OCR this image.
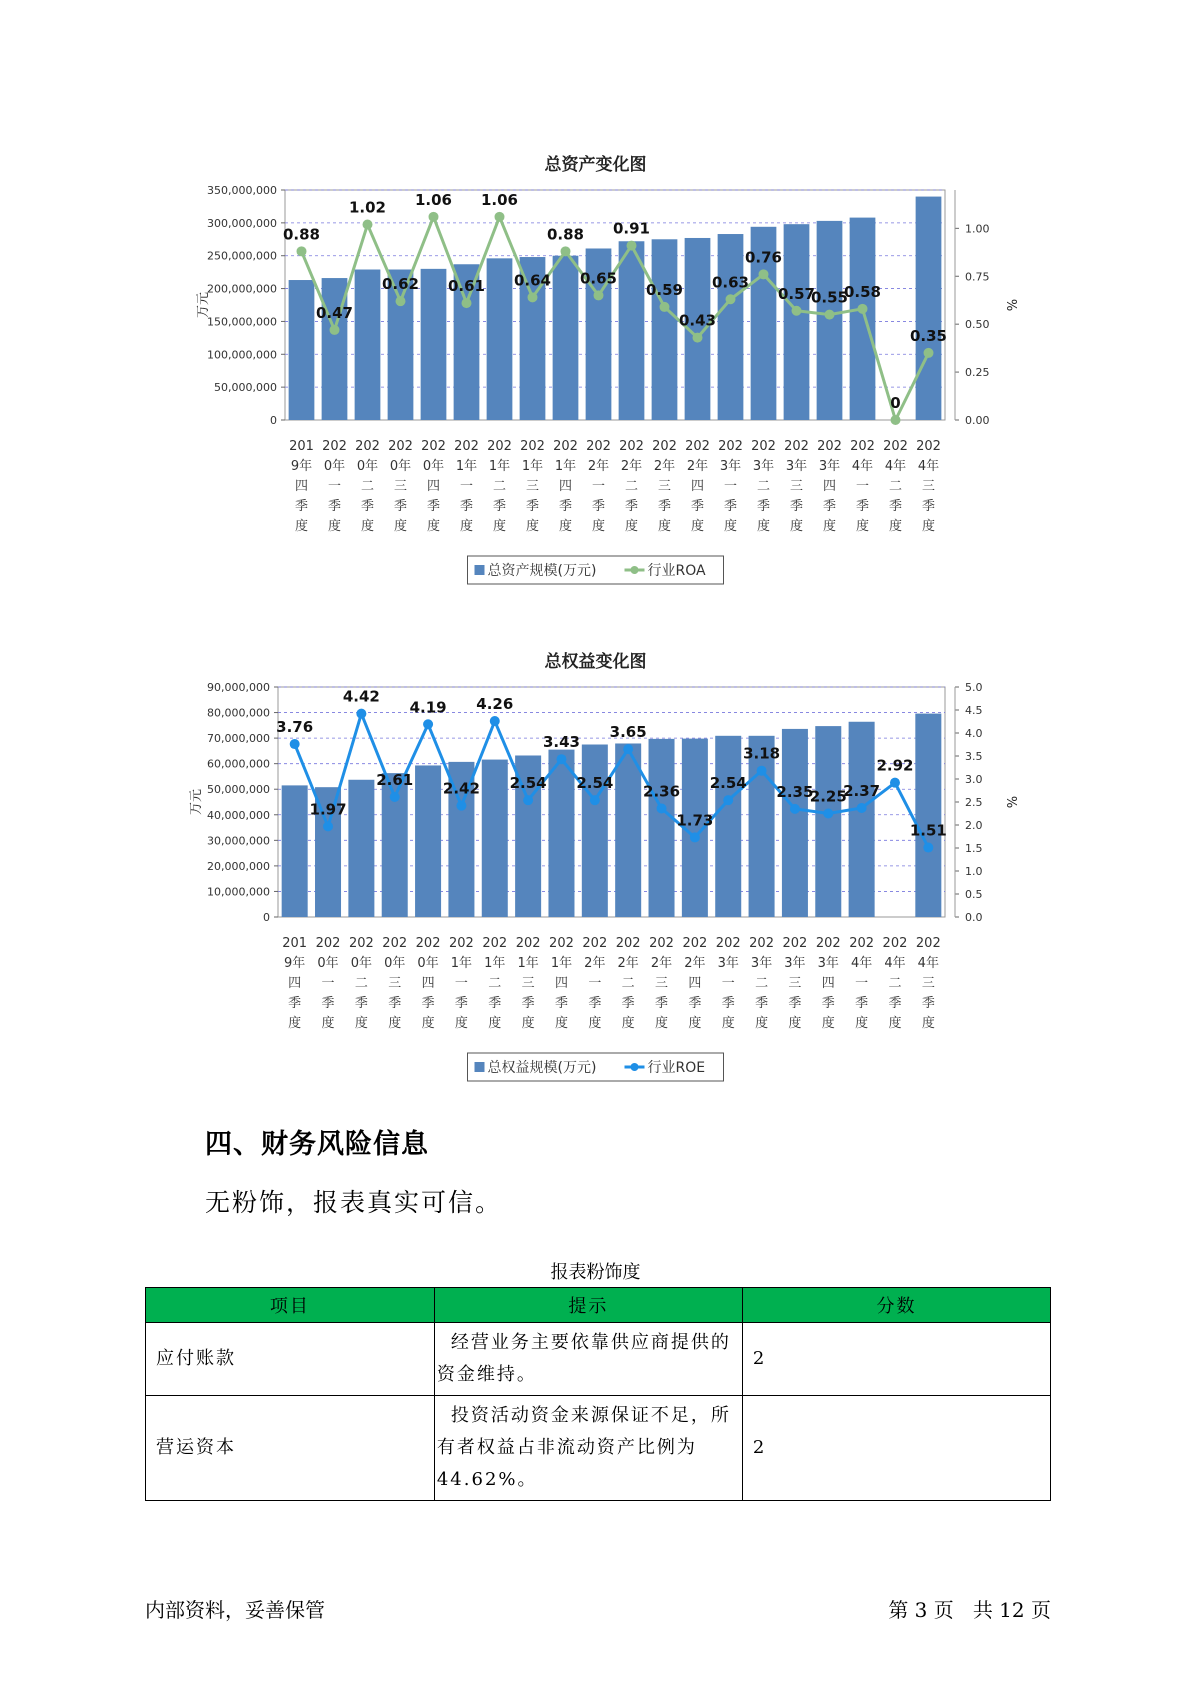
总资产变化图
0
50,000,000
100,000,000
150,000,000
200,000,000
250,000,000
300,000,000
350,000,000
0.00
0.25
0.50
0.75
1.00
万元	%
0.88
0.47
1.02
0.62
1.06
0.61
1.06
0.64
0.88
0.65
0.91
0.59
0.43
0.63
0.76
0.57
0.55
0.58
0
0.35
201
9年
四
季
度
202
0年
一
季
度
202
0年
二
季
度
202
0年
三
季
度
202
0年
四
季
度
202
1年
一
季
度
202
1年
二
季
度
202
1年
三
季
度
202
1年
四
季
度
202
2年
一
季
度
202
2年
二
季
度
202
2年
三
季
度
202
2年
四
季
度
202
3年
一
季
度
202
3年
二
季
度
202
3年
三
季
度
202
3年
四
季
度
202
4年
一
季
度
202
4年
二
季
度
202
4年
三
季
度
总资产规模(万元)	行业ROA
总权益变化图
0
10,000,000
20,000,000
30,000,000
40,000,000
50,000,000
60,000,000
70,000,000
80,000,000
90,000,000
0.0
0.5
1.0
1.5
2.0
2.5
3.0
3.5
4.0
4.5
5.0
万元	%
3.76
1.97
4.42
2.61
4.19
2.42
4.26
2.54
3.43
2.54
3.65
2.36
1.73
2.54
3.18
2.35
2.25
2.37
2.92
1.51
201
9年
四
季
度
202
0年
一
季
度
202
0年
二
季
度
202
0年
三
季
度
202
0年
四
季
度
202
1年
一
季
度
202
1年
二
季
度
202
1年
三
季
度
202
1年
四
季
度
202
2年
一
季
度
202
2年
二
季
度
202
2年
三
季
度
202
2年
四
季
度
202
3年
一
季
度
202
3年
二
季
度
202
3年
三
季
度
202
3年
四
季
度
202
4年
一
季
度
202
4年
二
季
度
202
4年
三
季
度
总权益规模(万元)	行业ROE
四、财务风险信息
无粉饰，报表真实可信。
报表粉饰度
项目	提示	分数
应付账款	经营业务主要依靠供应商提供的资金维持。	2
营运资本	投资活动资金来源保证不足，所有者权益占非流动资产比例为44.62%。	2
内部资料，妥善保管	第 3 页   共 12 页
